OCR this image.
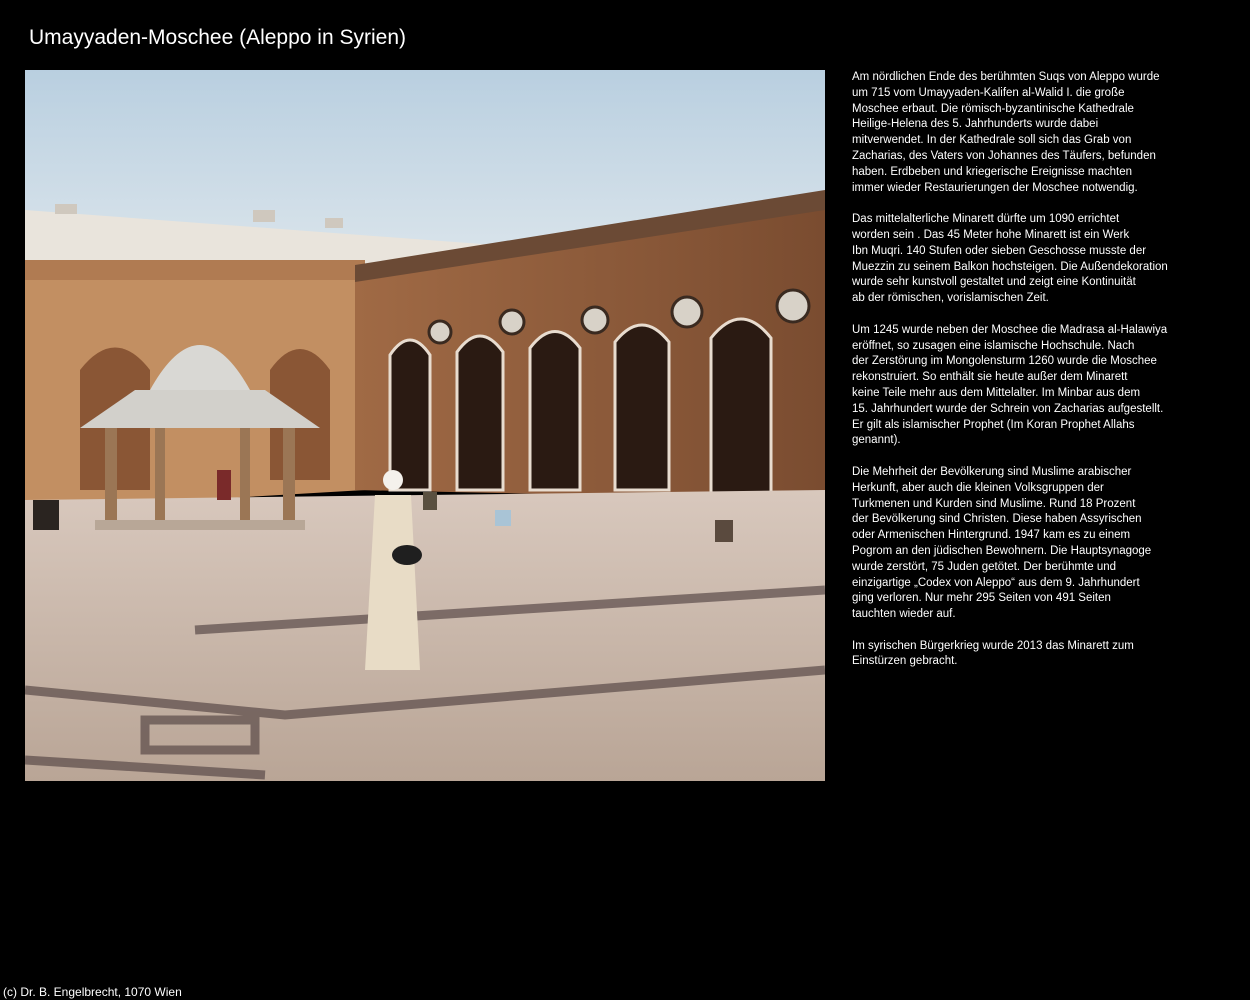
Umayyaden-Moschee (Aleppo in Syrien)

Am nördlichen Ende des berühmten Suqs von Aleppo wurde
um 715 vom Umayyaden-Kalifen al-Walid I. die große
Moschee erbaut. Die römisch-byzantinische Kathedrale
Heilige-Helena des 5. Jahrhunderts wurde dabei
mitverwendet. In der Kathedrale soll sich das Grab von
Zacharias, des Vaters von Johannes des Täufers, befunden
haben. Erdbeben und kriegerische Ereignisse machten
immer wieder Restaurierungen der Moschee notwendig.

Das mittelalterliche Minarett dürfte um 1090 errichtet
worden sein . Das 45 Meter hohe Minarett ist ein Werk
Ibn Muqri. 140 Stufen oder sieben Geschosse musste der
Muezzin zu seinem Balkon hochsteigen. Die Außendekoration
wurde sehr kunstvoll gestaltet und zeigt eine Kontinuität
ab der römischen, vorislamischen Zeit.

Um 1245 wurde neben der Moschee die Madrasa al-Halawiya
eröffnet, so zusagen eine islamische Hochschule. Nach
der Zerstörung im Mongolensturm 1260 wurde die Moschee
rekonstruiert. So enthält sie heute außer dem Minarett
keine Teile mehr aus dem Mittelalter. Im Minbar aus dem
15. Jahrhundert wurde der Schrein von Zacharias aufgestellt.
Er gilt als islamischer Prophet (Im Koran Prophet Allahs
genannt).

Die Mehrheit der Bevölkerung sind Muslime arabischer
Herkunft, aber auch die kleinen Volksgruppen der
Turkmenen und Kurden sind Muslime. Rund 18 Prozent
der Bevölkerung sind Christen. Diese haben Assyrischen
oder Armenischen Hintergrund. 1947 kam es zu einem
Pogrom an den jüdischen Bewohnern. Die Hauptsynagoge
wurde zerstört, 75 Juden getötet. Der berühmte und
einzigartige „Codex von Aleppo“ aus dem 9. Jahrhundert
ging verloren. Nur mehr 295 Seiten von 491 Seiten
tauchten wieder auf.

Im syrischen Bürgerkrieg wurde 2013 das Minarett zum
Einstürzen gebracht.

(c) Dr. B. Engelbrecht, 1070 Wien
